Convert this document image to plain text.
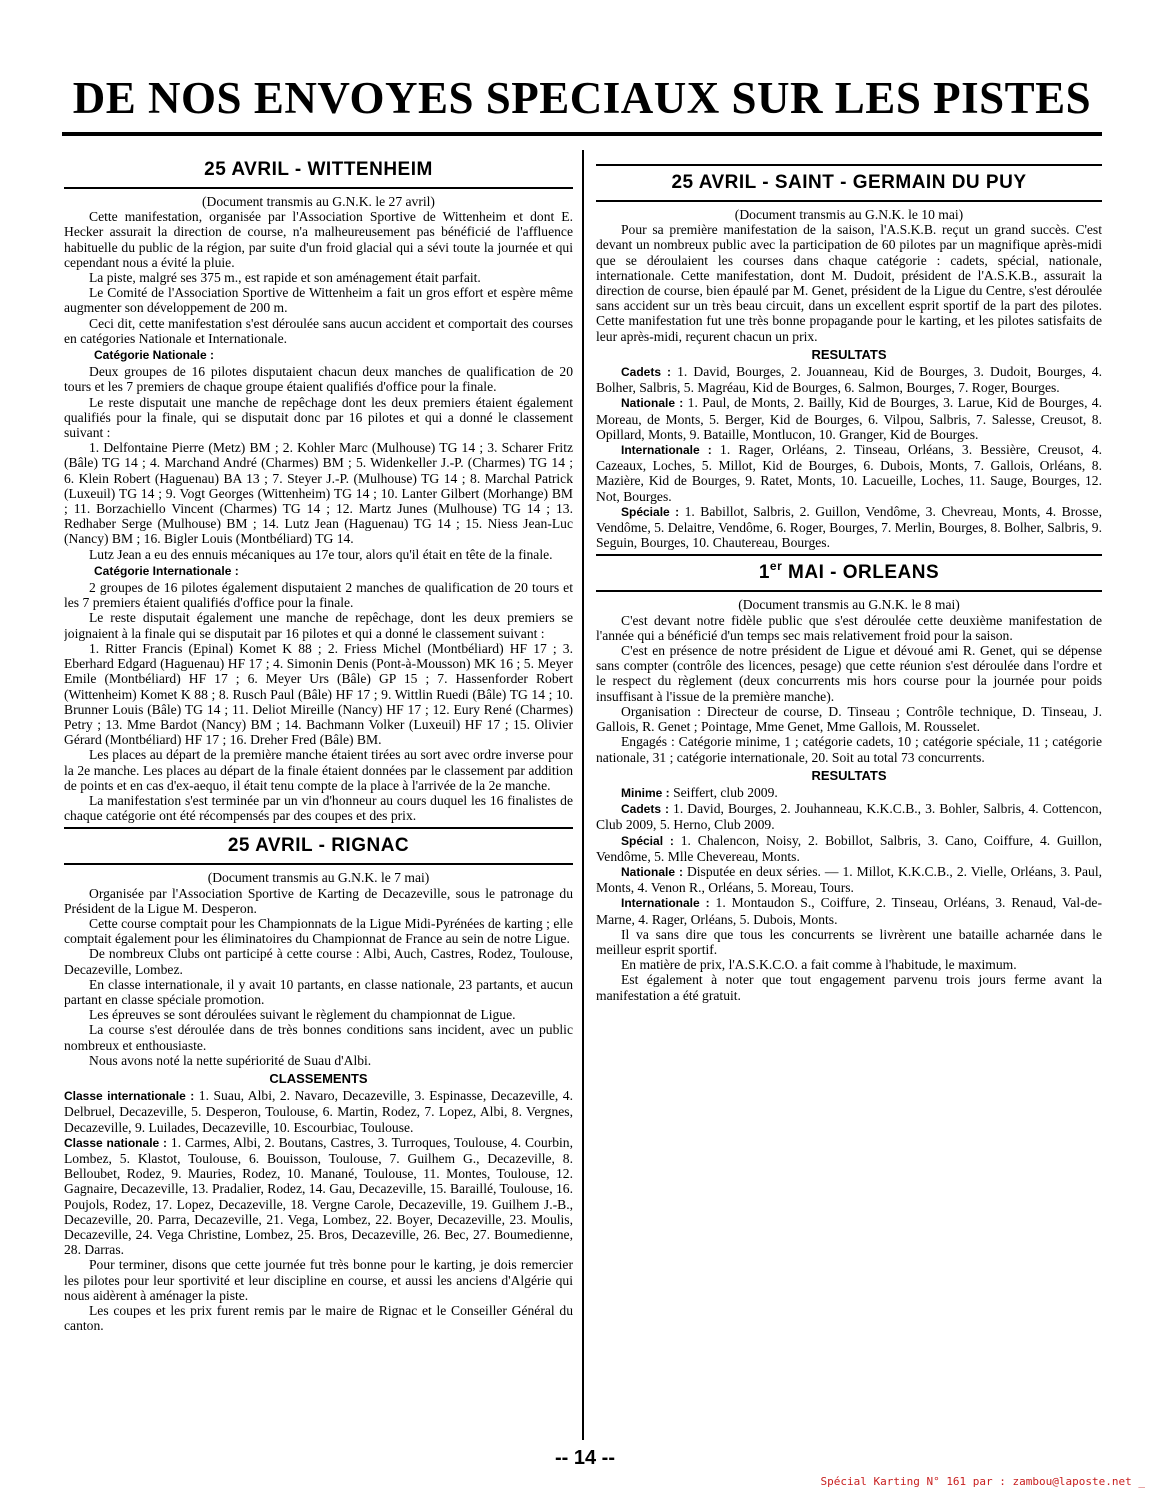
DE NOS ENVOYES SPECIAUX SUR LES PISTES
25 AVRIL - WITTENHEIM

(Document transmis au G.N.K. le 27 avril)

Cette manifestation, organisée par l'Association Sportive de Wittenheim et dont E. Hecker assurait la direction de course, n'a malheureusement pas bénéficié de l'affluence habituelle du public de la région, par suite d'un froid glacial qui a sévi toute la journée et qui cependant nous a évité la pluie.

La piste, malgré ses 375 m., est rapide et son aménagement était parfait.

Le Comité de l'Association Sportive de Wittenheim a fait un gros effort et espère même augmenter son développement de 200 m.

Ceci dit, cette manifestation s'est déroulée sans aucun accident et comportait des courses en catégories Nationale et Internationale.

Catégorie Nationale :

Deux groupes de 16 pilotes disputaient chacun deux manches de qualification de 20 tours et les 7 premiers de chaque groupe étaient qualifiés d'office pour la finale.

Le reste disputait une manche de repêchage dont les deux premiers étaient également qualifiés pour la finale, qui se disputait donc par 16 pilotes et qui a donné le classement suivant :

1. Delfontaine Pierre (Metz) BM ; 2. Kohler Marc (Mulhouse) TG 14 ; 3. Scharer Fritz (Bâle) TG 14 ; 4. Marchand André (Charmes) BM ; 5. Widenkeller J.-P. (Charmes) TG 14 ; 6. Klein Robert (Haguenau) BA 13 ; 7. Steyer J.-P. (Mulhouse) TG 14 ; 8. Marchal Patrick (Luxeuil) TG 14 ; 9. Vogt Georges (Wittenheim) TG 14 ; 10. Lanter Gilbert (Morhange) BM ; 11. Borzachiello Vincent (Charmes) TG 14 ; 12. Martz Junes (Mulhouse) TG 14 ; 13. Redhaber Serge (Mulhouse) BM ; 14. Lutz Jean (Haguenau) TG 14 ; 15. Niess Jean-Luc (Nancy) BM ; 16. Bigler Louis (Montbéliard) TG 14.

Lutz Jean a eu des ennuis mécaniques au 17e tour, alors qu'il était en tête de la finale.

Catégorie Internationale :

2 groupes de 16 pilotes également disputaient 2 manches de qualification de 20 tours et les 7 premiers étaient qualifiés d'office pour la finale.

Le reste disputait également une manche de repêchage, dont les deux premiers se joignaient à la finale qui se disputait par 16 pilotes et qui a donné le classement suivant :

1. Ritter Francis (Epinal) Komet K 88 ; 2. Friess Michel (Montbéliard) HF 17 ; 3. Eberhard Edgard (Haguenau) HF 17 ; 4. Simonin Denis (Pont-à-Mousson) MK 16 ; 5. Meyer Emile (Montbéliard) HF 17 ; 6. Meyer Urs (Bâle) GP 15 ; 7. Hassenforder Robert (Wittenheim) Komet K 88 ; 8. Rusch Paul (Bâle) HF 17 ; 9. Wittlin Ruedi (Bâle) TG 14 ; 10. Brunner Louis (Bâle) TG 14 ; 11. Deliot Mireille (Nancy) HF 17 ; 12. Eury René (Charmes) Petry ; 13. Mme Bardot (Nancy) BM ; 14. Bachmann Volker (Luxeuil) HF 17 ; 15. Olivier Gérard (Montbéliard) HF 17 ; 16. Dreher Fred (Bâle) BM.

Les places au départ de la première manche étaient tirées au sort avec ordre inverse pour la 2e manche. Les places au départ de la finale étaient données par le classement par addition de points et en cas d'ex-aequo, il était tenu compte de la place à l'arrivée de la 2e manche.

La manifestation s'est terminée par un vin d'honneur au cours duquel les 16 finalistes de chaque catégorie ont été récompensés par des coupes et des prix.

25 AVRIL - RIGNAC

(Document transmis au G.N.K. le 7 mai)

Organisée par l'Association Sportive de Karting de Decazeville, sous le patronage du Président de la Ligue M. Desperon.

Cette course comptait pour les Championnats de la Ligue Midi-Pyrénées de karting ; elle comptait également pour les éliminatoires du Championnat de France au sein de notre Ligue.

De nombreux Clubs ont participé à cette course : Albi, Auch, Castres, Rodez, Toulouse, Decazeville, Lombez.

En classe internationale, il y avait 10 partants, en classe nationale, 23 partants, et aucun partant en classe spéciale promotion.

Les épreuves se sont déroulées suivant le règlement du championnat de Ligue.

La course s'est déroulée dans de très bonnes conditions sans incident, avec un public nombreux et enthousiaste.

Nous avons noté la nette supériorité de Suau d'Albi.

CLASSEMENTS

Classe internationale : 1. Suau, Albi, 2. Navaro, Decazeville, 3. Espinasse, Decazeville, 4. Delbruel, Decazeville, 5. Desperon, Toulouse, 6. Martin, Rodez, 7. Lopez, Albi, 8. Vergnes, Decazeville, 9. Luilades, Decazeville, 10. Escourbiac, Toulouse.

Classe nationale : 1. Carmes, Albi, 2. Boutans, Castres, 3. Turroques, Toulouse, 4. Courbin, Lombez, 5. Klastot, Toulouse, 6. Bouisson, Toulouse, 7. Guilhem G., Decazeville, 8. Belloubet, Rodez, 9. Mauries, Rodez, 10. Manané, Toulouse, 11. Montes, Toulouse, 12. Gagnaire, Decazeville, 13. Pradalier, Rodez, 14. Gau, Decazeville, 15. Baraillé, Toulouse, 16. Poujols, Rodez, 17. Lopez, Decazeville, 18. Vergne Carole, Decazeville, 19. Guilhem J.-B., Decazeville, 20. Parra, Decazeville, 21. Vega, Lombez, 22. Boyer, Decazeville, 23. Moulis, Decazeville, 24. Vega Christine, Lombez, 25. Bros, Decazeville, 26. Bec, 27. Boumedienne, 28. Darras.

Pour terminer, disons que cette journée fut très bonne pour le karting, je dois remercier les pilotes pour leur sportivité et leur discipline en course, et aussi les anciens d'Algérie qui nous aidèrent à aménager la piste.

Les coupes et les prix furent remis par le maire de Rignac et le Conseiller Général du canton.

25 AVRIL - SAINT - GERMAIN DU PUY

(Document transmis au G.N.K. le 10 mai)

Pour sa première manifestation de la saison, l'A.S.K.B. reçut un grand succès. C'est devant un nombreux public avec la participation de 60 pilotes par un magnifique après-midi que se déroulaient les courses dans chaque catégorie : cadets, spécial, nationale, internationale. Cette manifestation, dont M. Dudoit, président de l'A.S.K.B., assurait la direction de course, bien épaulé par M. Genet, président de la Ligue du Centre, s'est déroulée sans accident sur un très beau circuit, dans un excellent esprit sportif de la part des pilotes. Cette manifestation fut une très bonne propagande pour le karting, et les pilotes satisfaits de leur après-midi, reçurent chacun un prix.

RESULTATS

Cadets : 1. David, Bourges, 2. Jouanneau, Kid de Bourges, 3. Dudoit, Bourges, 4. Bolher, Salbris, 5. Magréau, Kid de Bourges, 6. Salmon, Bourges, 7. Roger, Bourges.

Nationale : 1. Paul, de Monts, 2. Bailly, Kid de Bourges, 3. Larue, Kid de Bourges, 4. Moreau, de Monts, 5. Berger, Kid de Bourges, 6. Vilpou, Salbris, 7. Salesse, Creusot, 8. Opillard, Monts, 9. Bataille, Montlucon, 10. Granger, Kid de Bourges.

Internationale : 1. Rager, Orléans, 2. Tinseau, Orléans, 3. Bessière, Creusot, 4. Cazeaux, Loches, 5. Millot, Kid de Bourges, 6. Dubois, Monts, 7. Gallois, Orléans, 8. Mazière, Kid de Bourges, 9. Ratet, Monts, 10. Lacueille, Loches, 11. Sauge, Bourges, 12. Not, Bourges.

Spéciale : 1. Babillot, Salbris, 2. Guillon, Vendôme, 3. Chevreau, Monts, 4. Brosse, Vendôme, 5. Delaitre, Vendôme, 6. Roger, Bourges, 7. Merlin, Bourges, 8. Bolher, Salbris, 9. Seguin, Bourges, 10. Chautereau, Bourges.

1er MAI - ORLEANS

(Document transmis au G.N.K. le 8 mai)

C'est devant notre fidèle public que s'est déroulée cette deuxième manifestation de l'année qui a bénéficié d'un temps sec mais relativement froid pour la saison.

C'est en présence de notre président de Ligue et dévoué ami R. Genet, qui se dépense sans compter (contrôle des licences, pesage) que cette réunion s'est déroulée dans l'ordre et le respect du règlement (deux concurrents mis hors course pour la journée pour poids insuffisant à l'issue de la première manche).

Organisation : Directeur de course, D. Tinseau ; Contrôle technique, D. Tinseau, J. Gallois, R. Genet ; Pointage, Mme Genet, Mme Gallois, M. Rousselet.

Engagés : Catégorie minime, 1 ; catégorie cadets, 10 ; catégorie spéciale, 11 ; catégorie nationale, 31 ; catégorie internationale, 20. Soit au total 73 concurrents.

RESULTATS

Minime : Seiffert, club 2009.

Cadets : 1. David, Bourges, 2. Jouhanneau, K.K.C.B., 3. Bohler, Salbris, 4. Cottencon, Club 2009, 5. Herno, Club 2009.

Spécial : 1. Chalencon, Noisy, 2. Bobillot, Salbris, 3. Cano, Coiffure, 4. Guillon, Vendôme, 5. Mlle Chevereau, Monts.

Nationale : Disputée en deux séries. — 1. Millot, K.K.C.B., 2. Vielle, Orléans, 3. Paul, Monts, 4. Venon R., Orléans, 5. Moreau, Tours.

Internationale : 1. Montaudon S., Coiffure, 2. Tinseau, Orléans, 3. Renaud, Val-de-Marne, 4. Rager, Orléans, 5. Dubois, Monts.

Il va sans dire que tous les concurrents se livrèrent une bataille acharnée dans le meilleur esprit sportif.

En matière de prix, l'A.S.K.C.O. a fait comme à l'habitude, le maximum.

Est également à noter que tout engagement parvenu trois jours ferme avant la manifestation a été gratuit.

-- 14 --
Spécial Karting N° 161 par : zambou@laposte.net _
